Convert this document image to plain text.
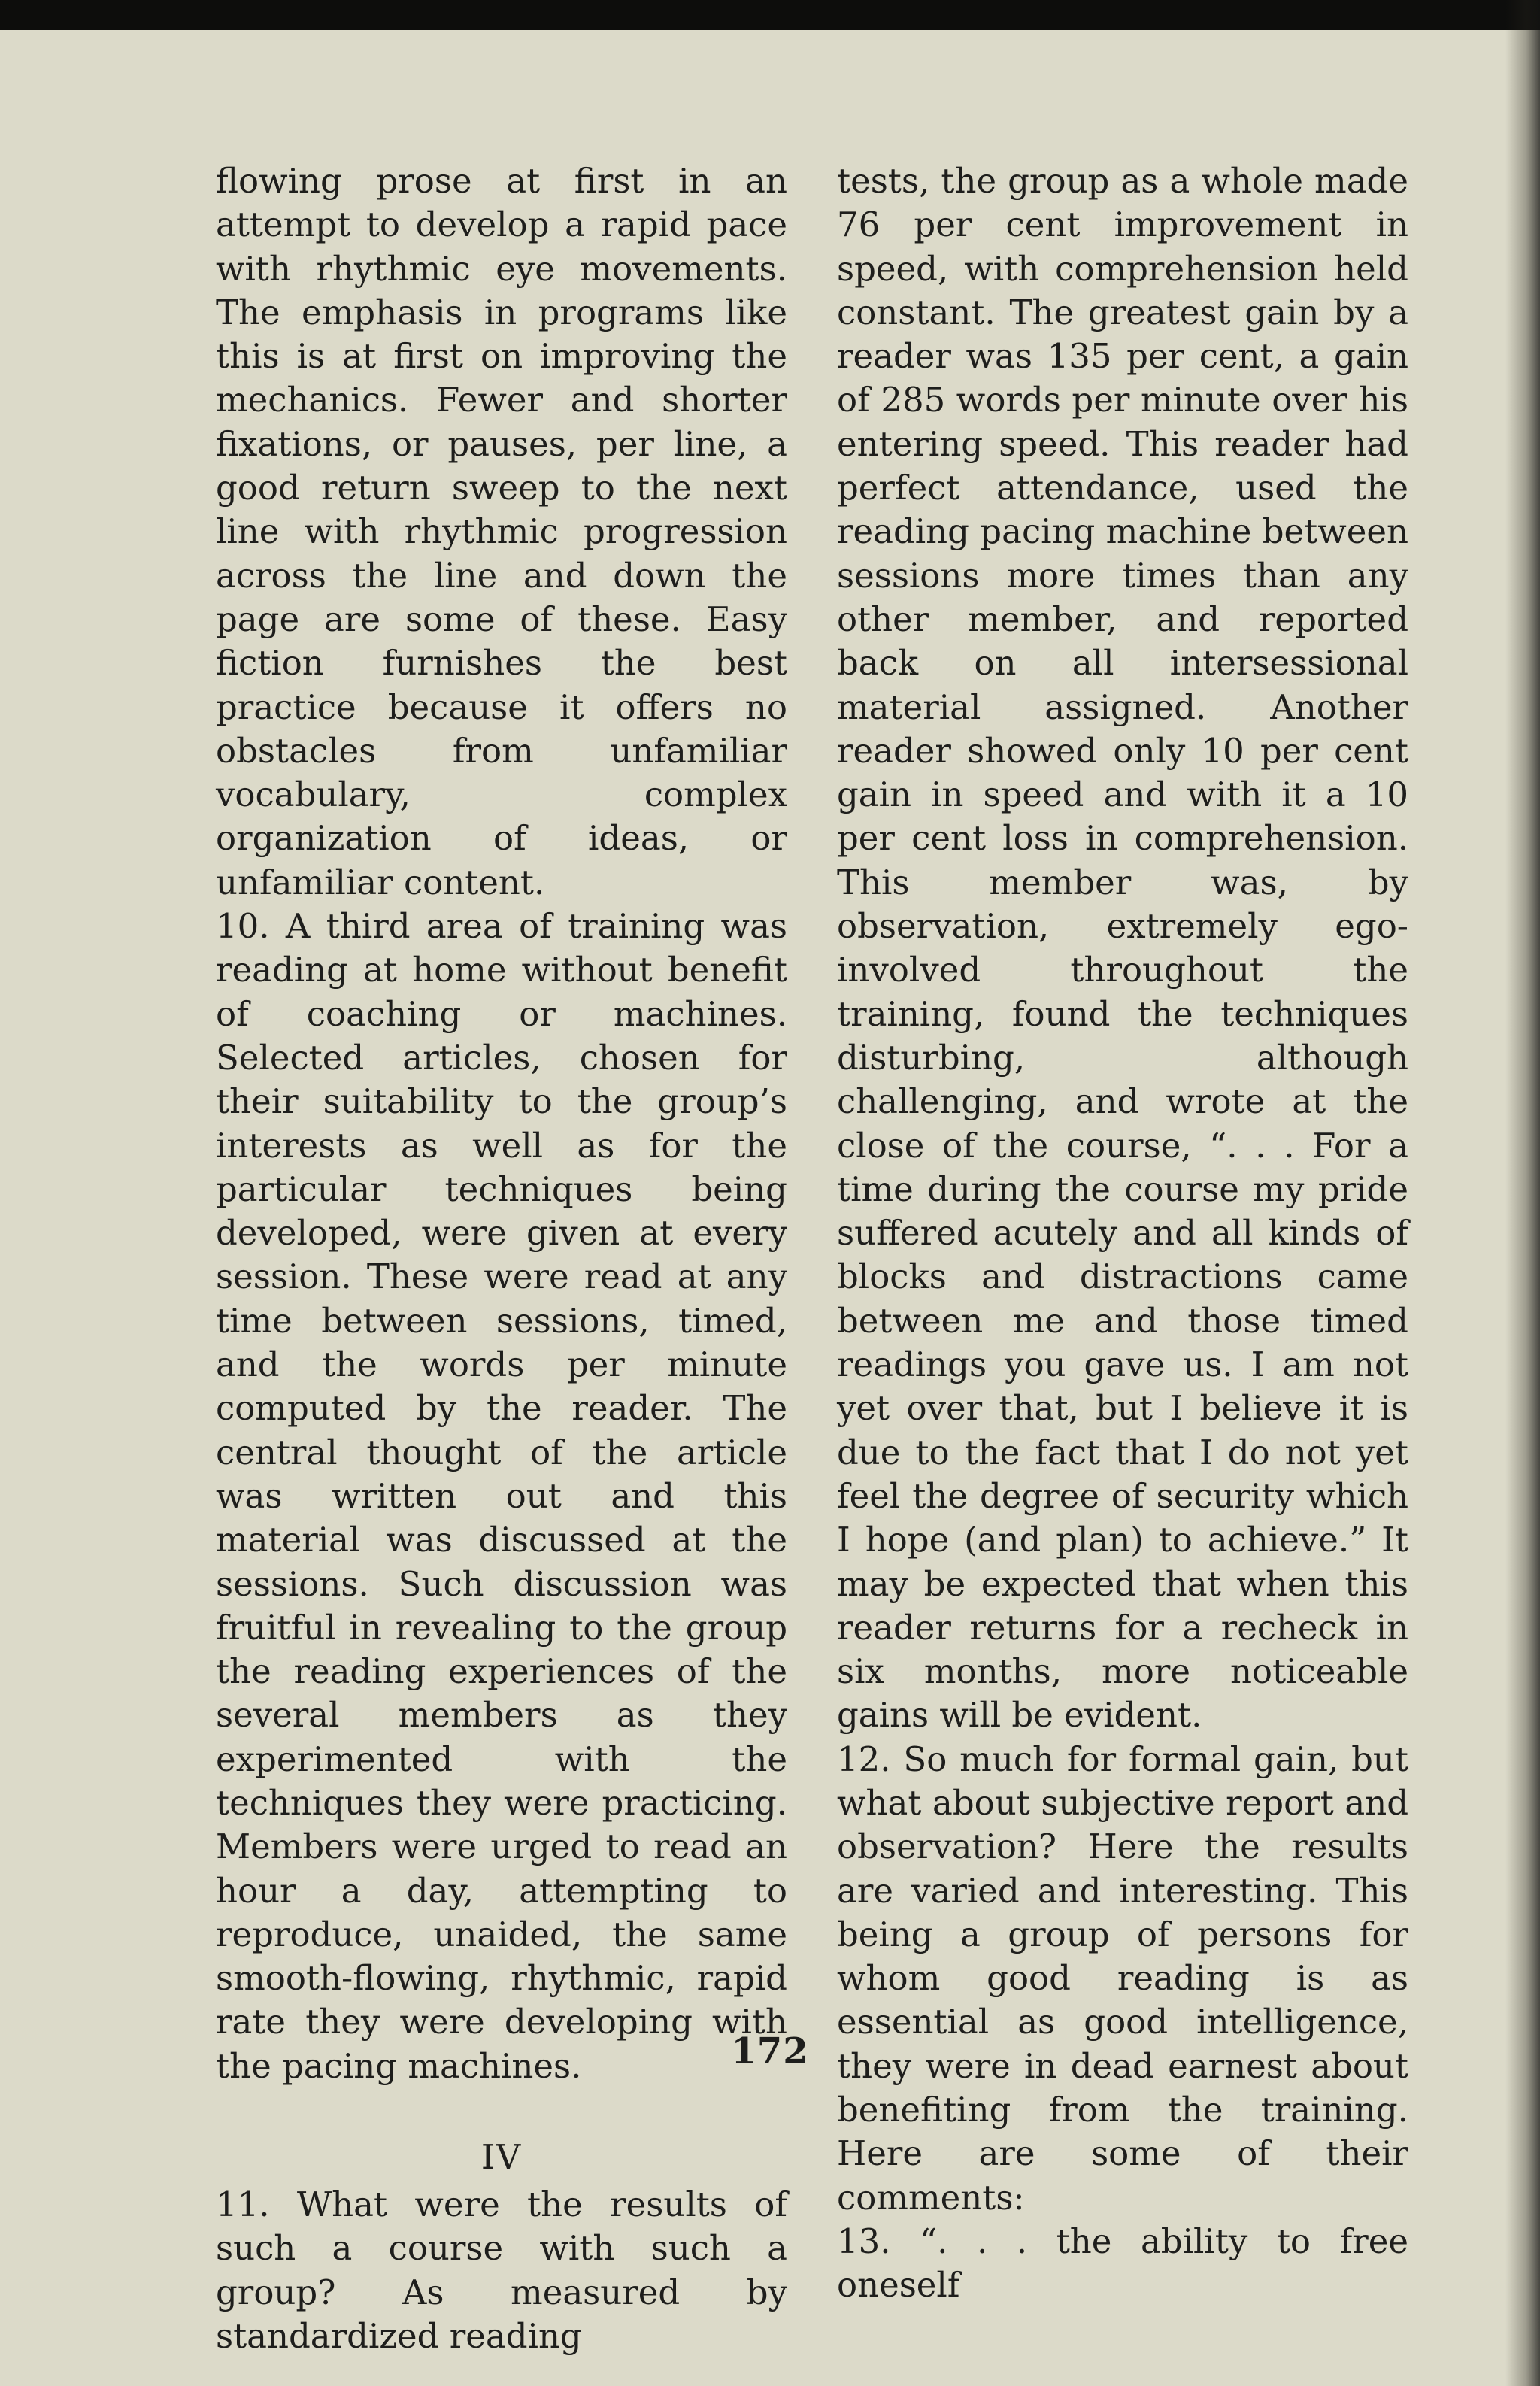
flowing prose at first in an attempt to develop a rapid pace with rhythmic eye movements. The emphasis in programs like this is at first on improving the mechanics. Fewer and shorter fixations, or pauses, per line, a good return sweep to the next line with rhythmic progression across the line and down the page are some of these. Easy fiction furnishes the best practice because it offers no obstacles from unfamiliar vocabulary, complex organization of ideas, or unfamiliar content.

10. A third area of training was reading at home without benefit of coaching or machines. Selected articles, chosen for their suitability to the group’s interests as well as for the particular techniques being developed, were given at every session. These were read at any time between sessions, timed, and the words per minute computed by the reader. The central thought of the article was written out and this material was discussed at the sessions. Such discussion was fruitful in revealing to the group the reading experiences of the several members as they experimented with the techniques they were practicing. Members were urged to read an hour a day, attempting to reproduce, unaided, the same smooth-flowing, rhythmic, rapid rate they were developing with the pacing machines.

IV

11. What were the results of such a course with such a group? As measured by standardized reading

tests, the group as a whole made 76 per cent improvement in speed, with comprehension held constant. The greatest gain by a reader was 135 per cent, a gain of 285 words per minute over his entering speed. This reader had perfect attendance, used the reading pacing machine between sessions more times than any other member, and reported back on all intersessional material assigned. Another reader showed only 10 per cent gain in speed and with it a 10 per cent loss in comprehension. This member was, by observation, extremely ego-involved throughout the training, found the techniques disturbing, although challenging, and wrote at the close of the course, “. . . For a time during the course my pride suffered acutely and all kinds of blocks and distractions came between me and those timed readings you gave us. I am not yet over that, but I believe it is due to the fact that I do not yet feel the degree of security which I hope (and plan) to achieve.” It may be expected that when this reader returns for a recheck in six months, more noticeable gains will be evident.

12. So much for formal gain, but what about subjective report and observation? Here the results are varied and interesting. This being a group of persons for whom good reading is as essential as good intelligence, they were in dead earnest about benefiting from the training. Here are some of their comments:

13. “. . . the ability to free oneself

172
